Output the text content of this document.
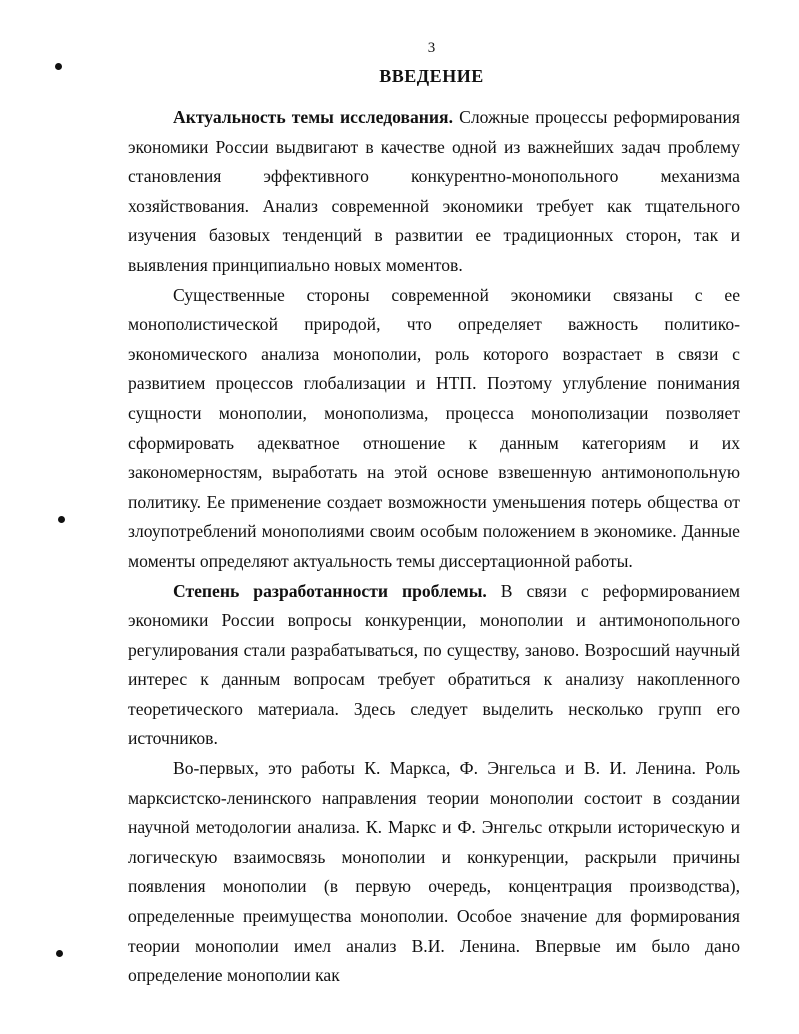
3
ВВЕДЕНИЕ

Актуальность темы исследования. Сложные процессы реформирования экономики России выдвигают в качестве одной из важнейших задач проблему становления эффективного конкурентно-монопольного механизма хозяйствования. Анализ современной экономики требует как тщательного изучения базовых тенденций в развитии ее традиционных сторон, так и выявления принципиально новых моментов.

Существенные стороны современной экономики связаны с ее монополистической природой, что определяет важность политико-экономического анализа монополии, роль которого возрастает в связи с развитием процессов глобализации и НТП. Поэтому углубление понимания сущности монополии, монополизма, процесса монополизации позволяет сформировать адекватное отношение к данным категориям и их закономерностям, выработать на этой основе взвешенную антимонопольную политику. Ее применение создает возможности уменьшения потерь общества от злоупотреблений монополиями своим особым положением в экономике. Данные моменты определяют актуальность темы диссертационной работы.

Степень разработанности проблемы. В связи с реформированием экономики России вопросы конкуренции, монополии и антимонопольного регулирования стали разрабатываться, по существу, заново. Возросший научный интерес к данным вопросам требует обратиться к анализу накопленного теоретического материала. Здесь следует выделить несколько групп его источников.

Во-первых, это работы К. Маркса, Ф. Энгельса и В. И. Ленина. Роль марксистско-ленинского направления теории монополии состоит в создании научной методологии анализа. К. Маркс и Ф. Энгельс открыли историческую и логическую взаимосвязь монополии и конкуренции, раскрыли причины появления монополии (в первую очередь, концентрация производства), определенные преимущества монополии. Особое значение для формирования теории монополии имел анализ В.И. Ленина. Впервые им было дано определение монополии как
